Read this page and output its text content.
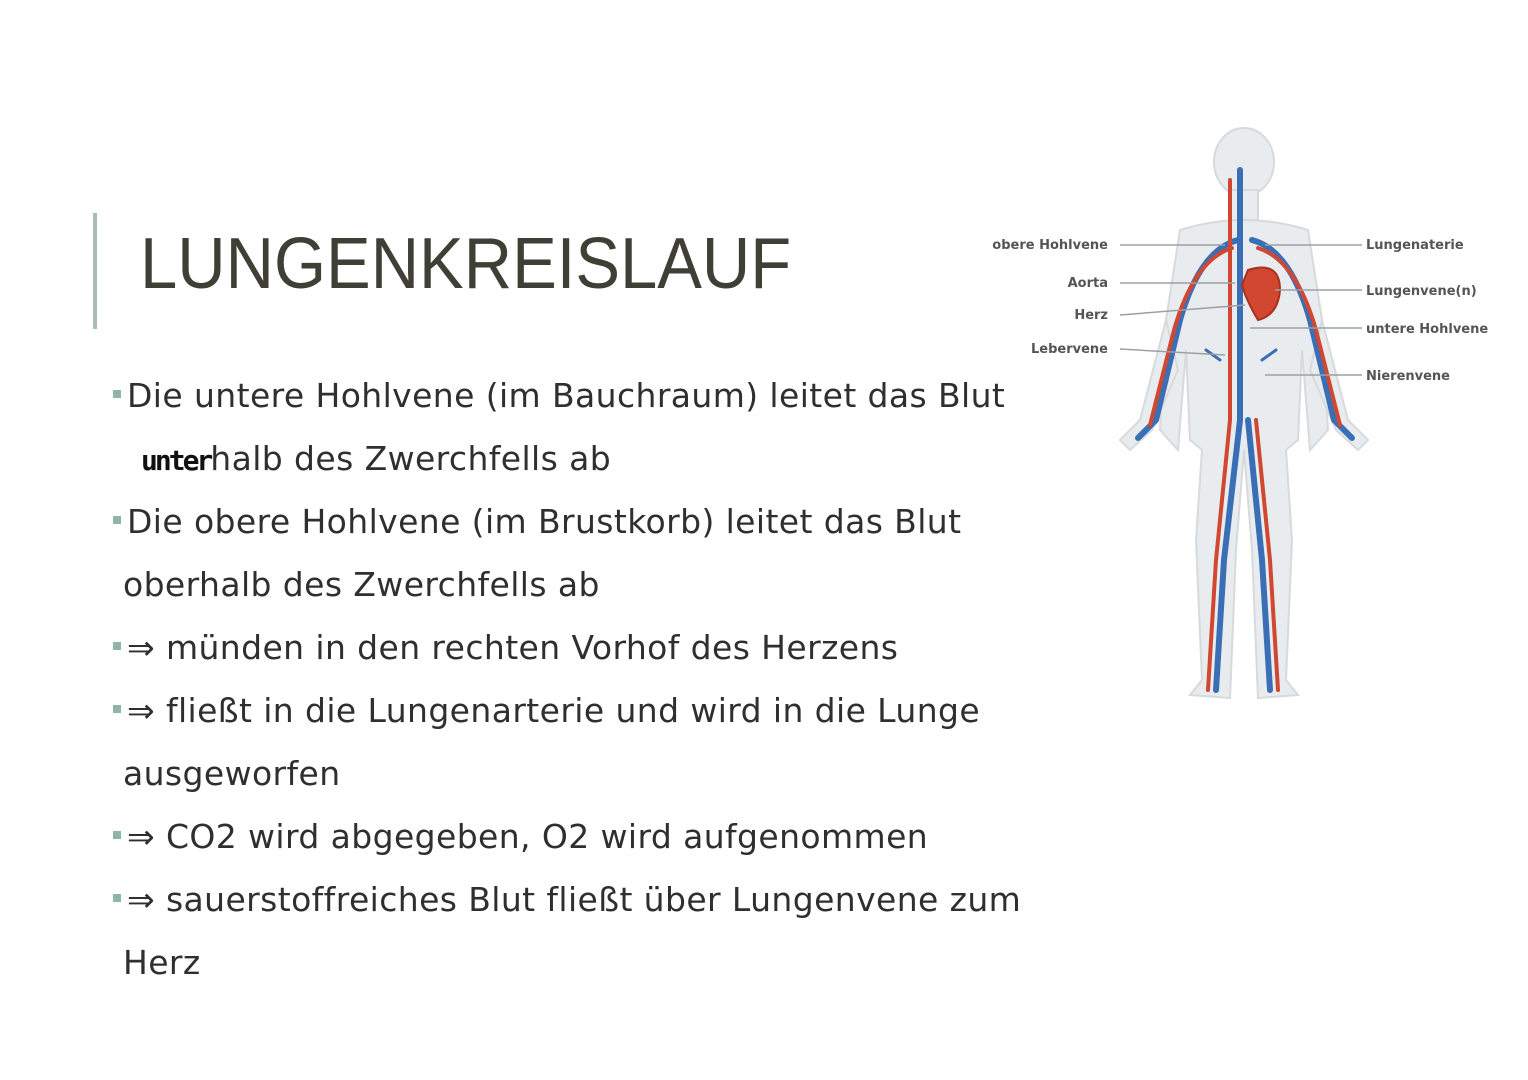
LUNGENKREISLAUF
Die untere Hohlvene (im Bauchraum) leitet das Blut
unterhalb des Zwerchfells ab
Die obere Hohlvene (im Brustkorb) leitet das Blut
oberhalb des Zwerchfells ab
⇒ münden in den rechten Vorhof des Herzens
⇒ fließt in die Lungenarterie und wird in die Lunge
ausgeworfen
⇒ CO2 wird abgegeben, O2 wird aufgenommen
⇒ sauerstoffreiches Blut fließt über Lungenvene zum
Herz
obere Hohlvene
Aorta
Herz
Lebervene
Lungenaterie
Lungenvene(n)
untere Hohlvene
Nierenvene
